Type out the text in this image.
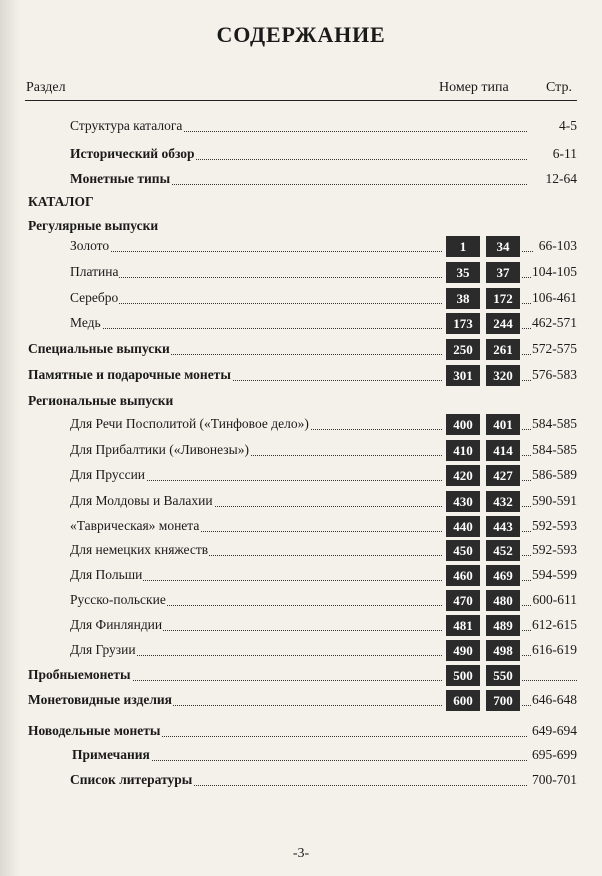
СОДЕРЖАНИЕ
Раздел	Номер типа	Стр.
Структура каталога	4-5
Исторический обзор	6-11
Монетные типы	12-64
КАТАЛОГ
Регулярные выпуски
Золото	1	34	66-103
Платина	35	37	104-105
Серебро	38	172	106-461
Медь	173	244	462-571
Специальные выпуски	250	261	572-575
Памятные и подарочные монеты	301	320	576-583
Региональные выпуски
Для Речи Посполитой («Тинфовое дело»)	400	401	584-585
Для Прибалтики («Ливонезы»)	410	414	584-585
Для Пруссии	420	427	586-589
Для Молдовы и Валахии	430	432	590-591
«Таврическая» монета	440	443	592-593
Для немецких княжеств	450	452	592-593
Для Польши	460	469	594-599
Русско-польские	470	480	600-611
Для Финляндии	481	489	612-615
Для Грузии	490	498	616-619
Пробныемонеты	500	550
Монетовидные изделия	600	700	646-648
Новодельные монеты	649-694
Примечания	695-699
Список литературы	700-701
-3-
